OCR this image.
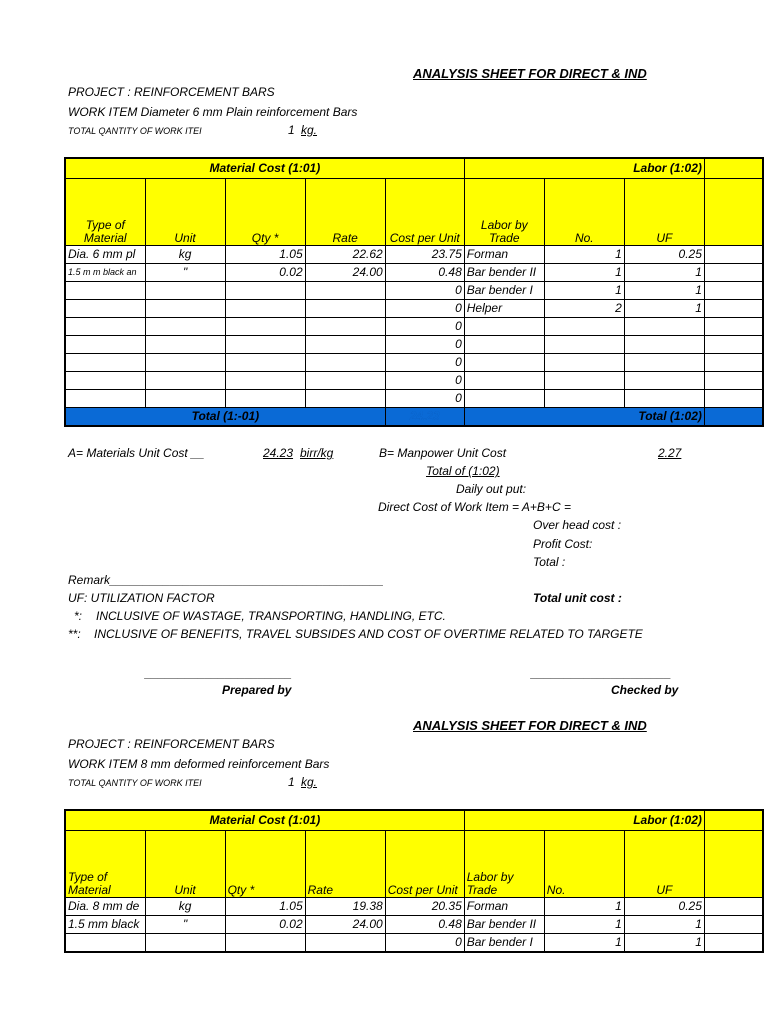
ANALYSIS SHEET FOR DIRECT & IND
PROJECT : REINFORCEMENT BARS
WORK ITEM Diameter 6 mm Plain reinforcement Bars
TOTAL QANTITY OF WORK ITEI	1 kg.
Material Cost (1:01)					Labor (1:02)			
Type of Material	Unit	Qty *	Rate	Cost per Unit	Labor by Trade	No.	UF	
Dia. 6 mm pl	kg	1.05	22.62	23.75	Forman	1	0.25	
1.5 m m black an	"	0.02	24.00	0.48	Bar bender II	1	1	
				0	Bar bender I	1	1	
				0	Helper	2	1	
				0				
				0				
				0				
				0				
				0				
Total (1:-01)				24.23	Total (1:02)			
A= Materials Unit Cost __	24.23 birr/kg	B= Manpower Unit Cost	2.27
Total of (1:02)
Daily out put:
Direct Cost of Work Item = A+B+C =
Over head cost :
Profit Cost:
Total :
Remark_________________________________________
UF: UTILIZATION FACTOR	Total unit cost :
*: INCLUSIVE OF WASTAGE, TRANSPORTING, HANDLING, ETC.
**: INCLUSIVE OF BENEFITS, TRAVEL SUBSIDES AND COST OF OVERTIME RELATED TO TARGETE
______________________	_____________________
Prepared by	Checked by
ANALYSIS SHEET FOR DIRECT & IND
PROJECT : REINFORCEMENT BARS
WORK ITEM 8 mm deformed reinforcement Bars
TOTAL QANTITY OF WORK ITEI	1 kg.
Material Cost (1:01)					Labor (1:02)			
Type of Material	Unit	Qty *	Rate	Cost per Unit	Labor by Trade	No.	UF	
Dia. 8 mm de	kg	1.05	19.38	20.35	Forman	1	0.25	
1.5 mm black	"	0.02	24.00	0.48	Bar bender II	1	1	
				0	Bar bender I	1	1	
